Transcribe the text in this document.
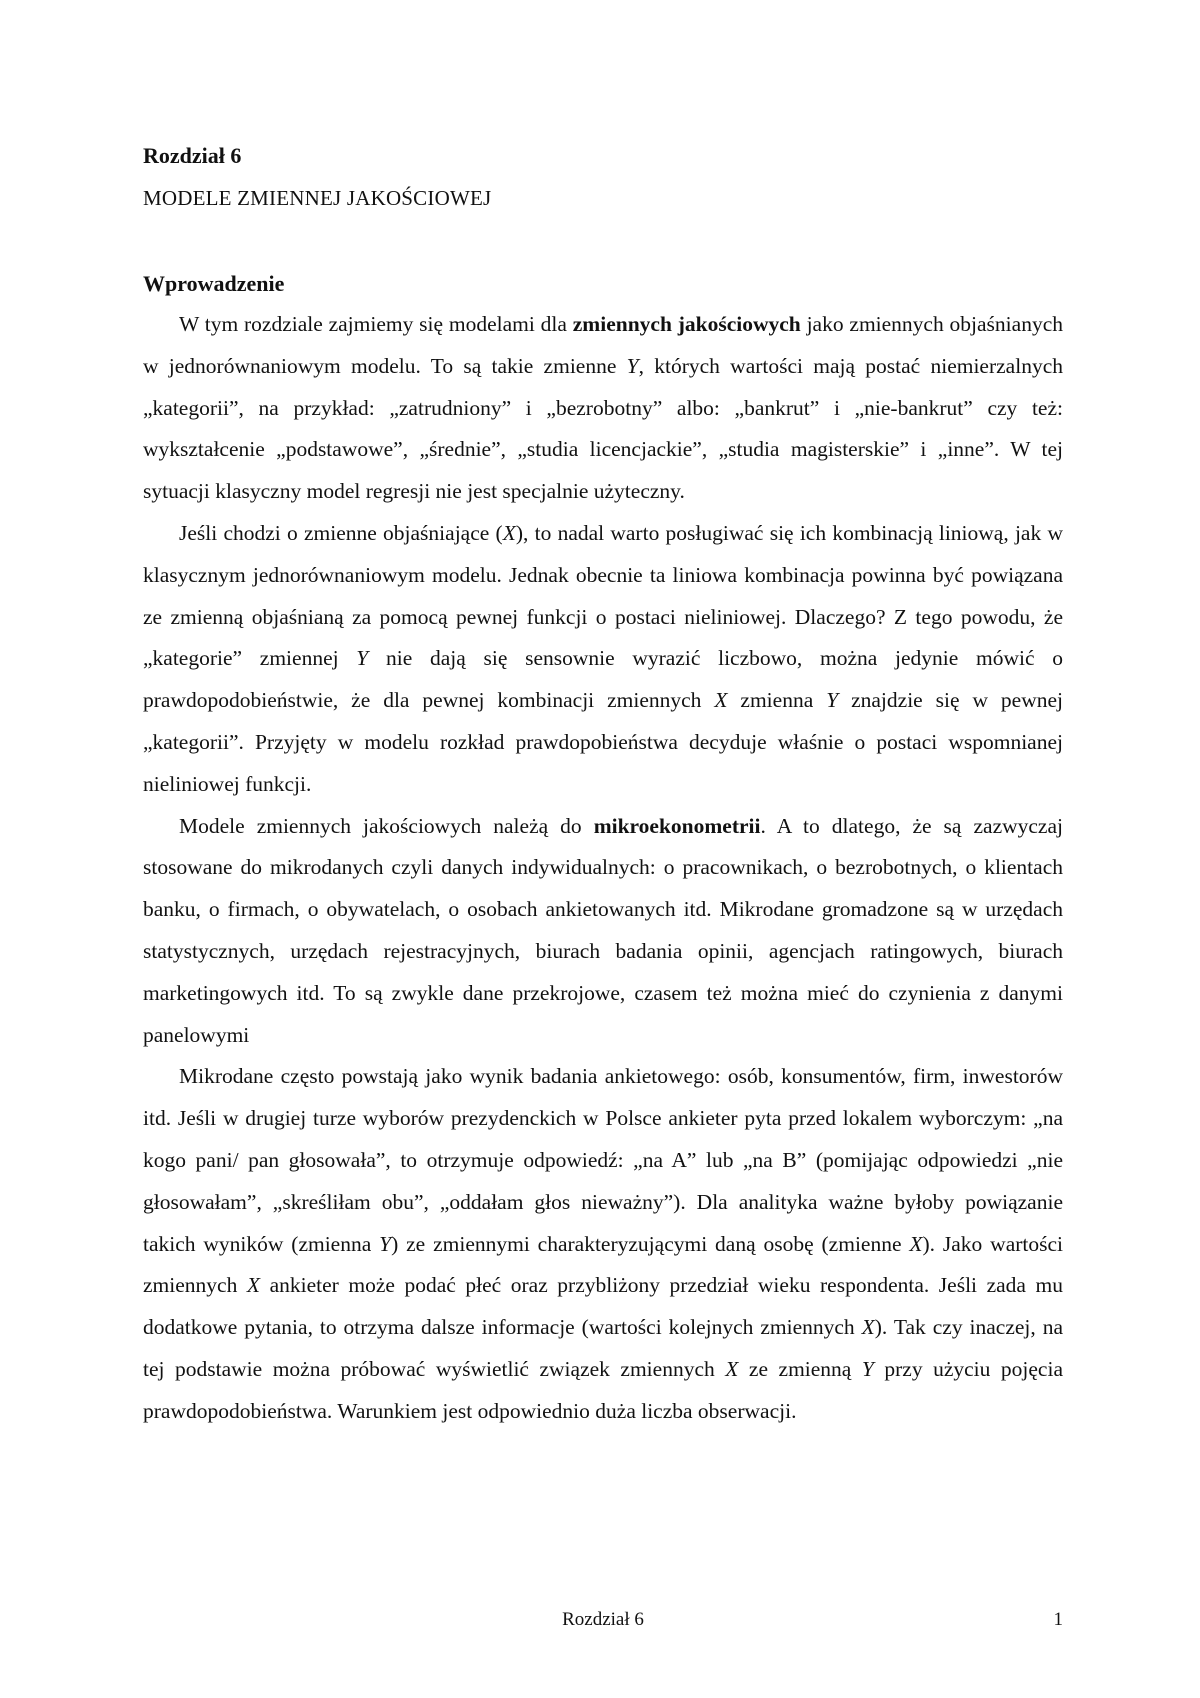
Rozdział 6
MODELE ZMIENNEJ JAKOŚCIOWEJ
Wprowadzenie

W tym rozdziale zajmiemy się modelami dla zmiennych jakościowych jako zmiennych objaśnianych w jednorównaniowym modelu. To są takie zmienne Y, których wartości mają postać niemierzalnych „kategorii”, na przykład: „zatrudniony” i „bezrobotny” albo: „bankrut” i „nie-bankrut” czy też: wykształcenie „podstawowe”, „średnie”, „studia licencjackie”, „studia magisterskie” i „inne”. W tej sytuacji klasyczny model regresji nie jest specjalnie użyteczny.

Jeśli chodzi o zmienne objaśniające (X), to nadal warto posługiwać się ich kombinacją liniową, jak w klasycznym jednorównaniowym modelu. Jednak obecnie ta liniowa kombinacja powinna być powiązana ze zmienną objaśnianą za pomocą pewnej funkcji o postaci nieliniowej. Dlaczego? Z tego powodu, że „kategorie” zmiennej Y nie dają się sensownie wyrazić liczbowo, można jedynie mówić o prawdopodobieństwie, że dla pewnej kombinacji zmiennych X zmienna Y znajdzie się w pewnej „kategorii”. Przyjęty w modelu rozkład prawdopobieństwa decyduje właśnie o postaci wspomnianej nieliniowej funkcji.

Modele zmiennych jakościowych należą do mikroekonometrii. A to dlatego, że są zazwyczaj stosowane do mikrodanych czyli danych indywidualnych: o pracownikach, o bezrobotnych, o klientach banku, o firmach, o obywatelach, o osobach ankietowanych itd. Mikrodane gromadzone są w urzędach statystycznych, urzędach rejestracyjnych, biurach badania opinii, agencjach ratingowych, biurach marketingowych itd. To są zwykle dane przekrojowe, czasem też można mieć do czynienia z danymi panelowymi

Mikrodane często powstają jako wynik badania ankietowego: osób, konsumentów, firm, inwestorów itd. Jeśli w drugiej turze wyborów prezydenckich w Polsce ankieter pyta przed lokalem wyborczym: „na kogo pani/ pan głosowała”, to otrzymuje odpowiedź: „na A” lub „na B” (pomijając odpowiedzi „nie głosowałam”, „skreśliłam obu”, „oddałam głos nieważny”). Dla analityka ważne byłoby powiązanie takich wyników (zmienna Y) ze zmiennymi charakteryzującymi daną osobę (zmienne X). Jako wartości zmiennych X ankieter może podać płeć oraz przybliżony przedział wieku respondenta. Jeśli zada mu dodatkowe pytania, to otrzyma dalsze informacje (wartości kolejnych zmiennych X). Tak czy inaczej, na tej podstawie można próbować wyświetlić związek zmiennych X ze zmienną Y przy użyciu pojęcia prawdopodobieństwa. Warunkiem jest odpowiednio duża liczba obserwacji.

Rozdział 6	1
